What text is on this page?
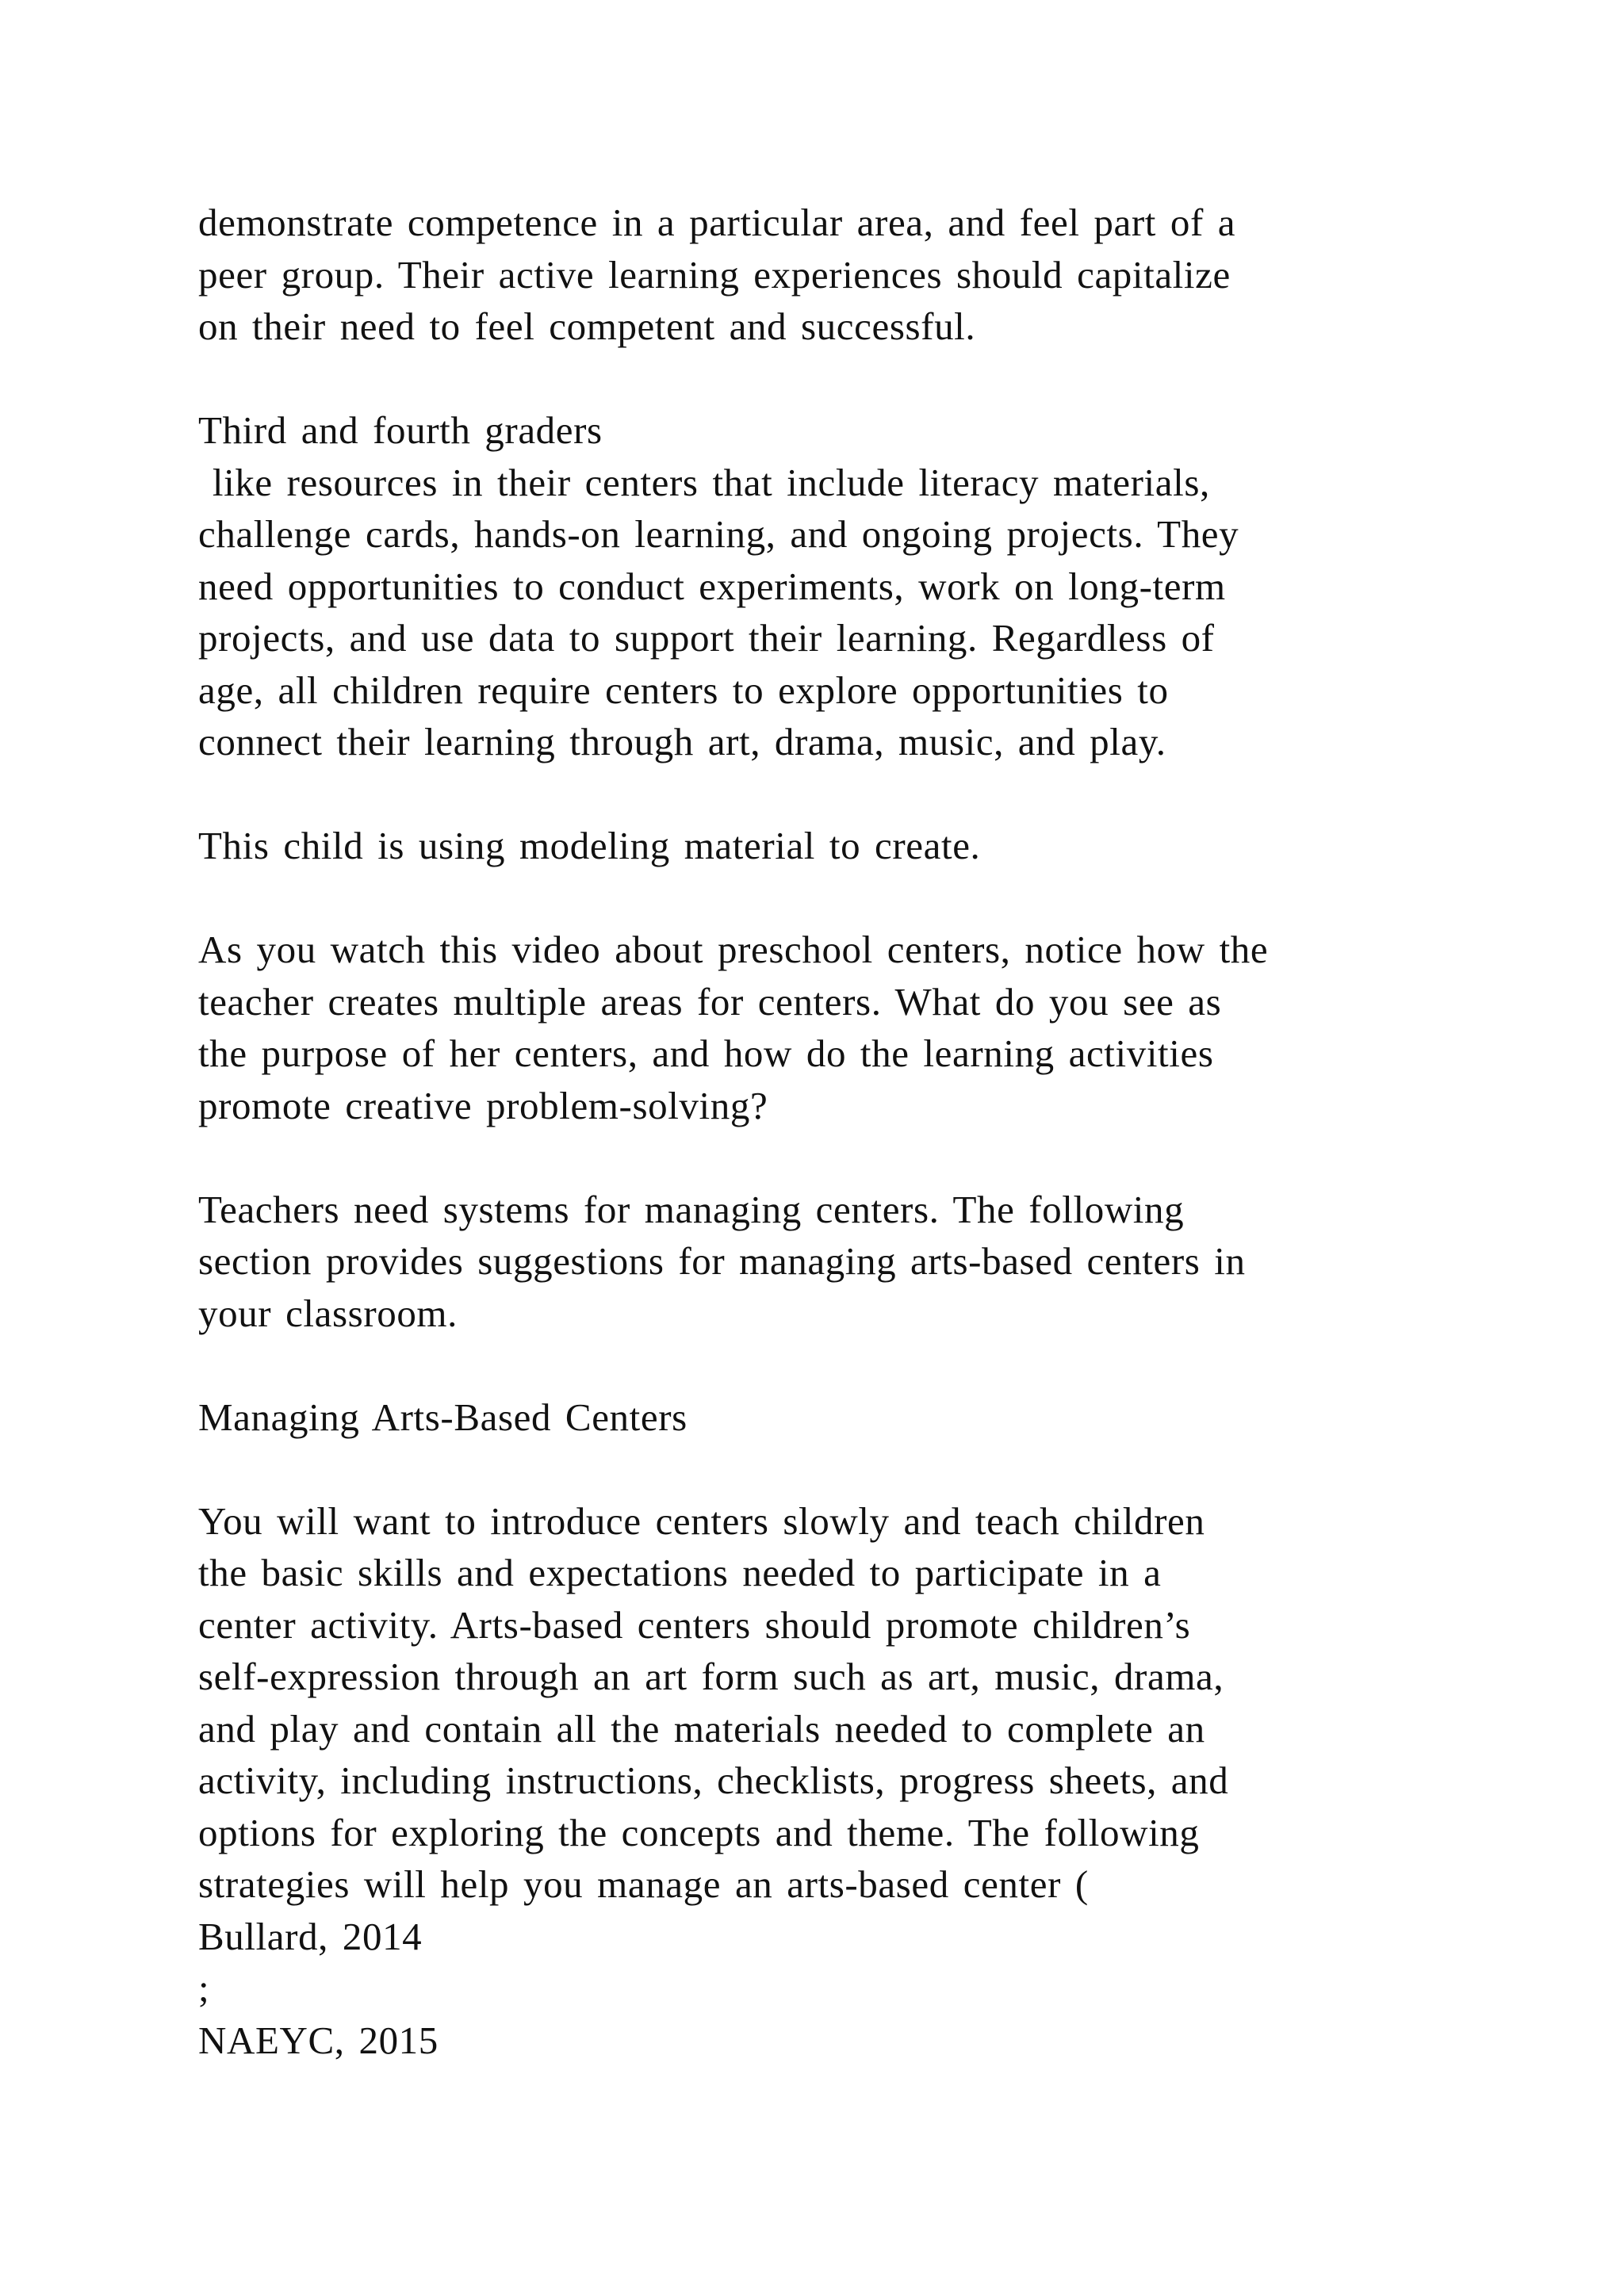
demonstrate competence in a particular area, and feel part of a
peer group. Their active learning experiences should capitalize
on their need to feel competent and successful.
Third and fourth graders
like resources in their centers that include literacy materials,
challenge cards, hands-on learning, and ongoing projects. They
need opportunities to conduct experiments, work on long-term
projects, and use data to support their learning. Regardless of
age, all children require centers to explore opportunities to
connect their learning through art, drama, music, and play.
This child is using modeling material to create.
As you watch this video about preschool centers, notice how the
teacher creates multiple areas for centers. What do you see as
the purpose of her centers, and how do the learning activities
promote creative problem-solving?
Teachers need systems for managing centers. The following
section provides suggestions for managing arts-based centers in
your classroom.
Managing Arts-Based Centers
You will want to introduce centers slowly and teach children
the basic skills and expectations needed to participate in a
center activity. Arts-based centers should promote children’s
self-expression through an art form such as art, music, drama,
and play and contain all the materials needed to complete an
activity, including instructions, checklists, progress sheets, and
options for exploring the concepts and theme. The following
strategies will help you manage an arts-based center (
Bullard, 2014
;
NAEYC, 2015
